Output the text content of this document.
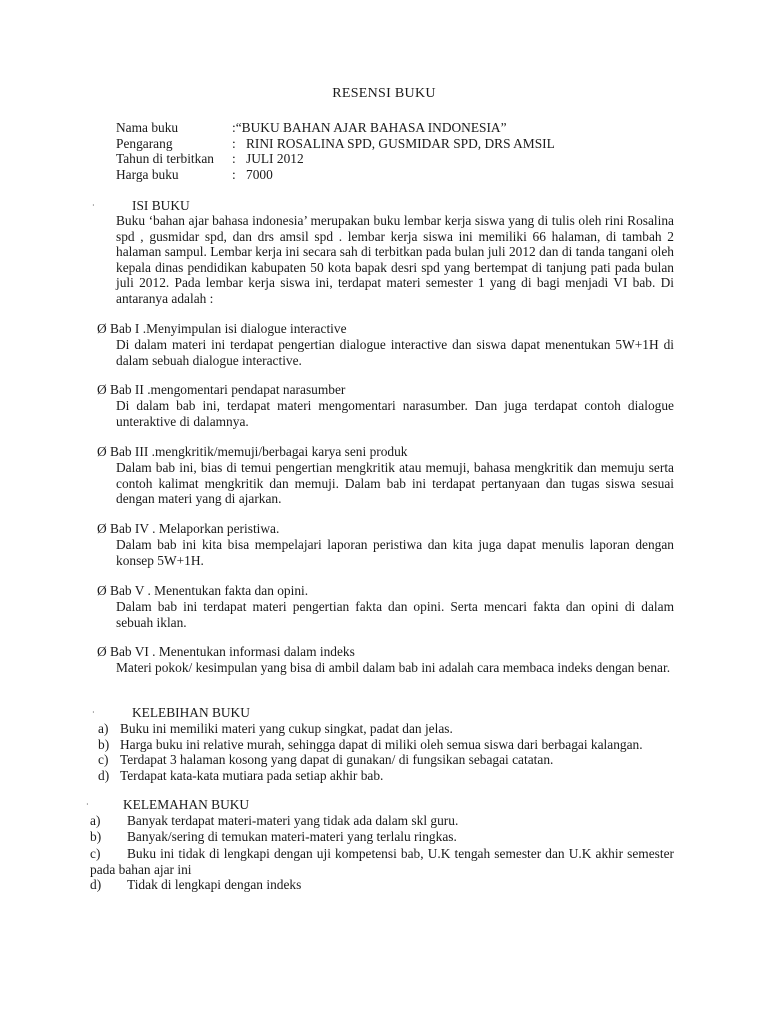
RESENSI BUKU
Nama buku	:“BUKU BAHAN AJAR BAHASA INDONESIA”
Pengarang	: RINI ROSALINA SPD, GUSMIDAR SPD, DRS AMSIL
Tahun di terbitkan : JULI 2012
Harga buku	: 7000
·	ISI BUKU
Buku ‘bahan ajar bahasa indonesia’ merupakan buku lembar kerja siswa yang di tulis oleh rini Rosalina spd , gusmidar spd, dan drs amsil spd . lembar kerja siswa ini memiliki 66 halaman, di tambah 2 halaman sampul. Lembar kerja ini secara sah di terbitkan pada bulan juli 2012 dan di tanda tangani oleh kepala dinas pendidikan kabupaten 50 kota bapak desri spd yang bertempat di tanjung pati pada bulan juli 2012. Pada lembar kerja siswa ini, terdapat materi semester 1 yang di bagi menjadi VI bab. Di antaranya adalah :
Ø Bab I .Menyimpulan isi dialogue interactive
Di dalam materi ini terdapat pengertian dialogue interactive dan siswa dapat menentukan 5W+1H di dalam sebuah dialogue interactive.
Ø Bab II .mengomentari pendapat narasumber
Di dalam bab ini, terdapat materi mengomentari narasumber. Dan juga terdapat contoh dialogue unteraktive di dalamnya.
Ø Bab III .mengkritik/memuji/berbagai karya seni produk
Dalam bab ini, bias di temui pengertian mengkritik atau memuji, bahasa mengkritik dan memuju serta contoh kalimat mengkritik dan memuji. Dalam bab ini terdapat pertanyaan dan tugas siswa sesuai dengan materi yang di ajarkan.
Ø Bab IV . Melaporkan peristiwa.
Dalam bab ini kita bisa mempelajari laporan peristiwa dan kita juga dapat menulis laporan dengan konsep 5W+1H.
Ø Bab V . Menentukan fakta dan opini.
Dalam bab ini terdapat materi pengertian fakta dan opini. Serta mencari fakta dan opini di dalam sebuah iklan.
Ø Bab VI . Menentukan informasi dalam indeks
Materi pokok/ kesimpulan yang bisa di ambil dalam bab ini adalah cara membaca indeks dengan benar.
·	KELEBIHAN BUKU
a) Buku ini memiliki materi yang cukup singkat, padat dan jelas.
b) Harga buku ini relative murah, sehingga dapat di miliki oleh semua siswa dari berbagai kalangan.
c) Terdapat 3 halaman kosong yang dapat di gunakan/ di fungsikan sebagai catatan.
d) Terdapat kata-kata mutiara pada setiap akhir bab.
·	KELEMAHAN BUKU
a) Banyak terdapat materi-materi yang tidak ada dalam skl guru.
b) Banyak/sering di temukan materi-materi yang terlalu ringkas.
c) Buku ini tidak di lengkapi dengan uji kompetensi bab, U.K tengah semester dan U.K akhir semester pada bahan ajar ini
d) Tidak di lengkapi dengan indeks
